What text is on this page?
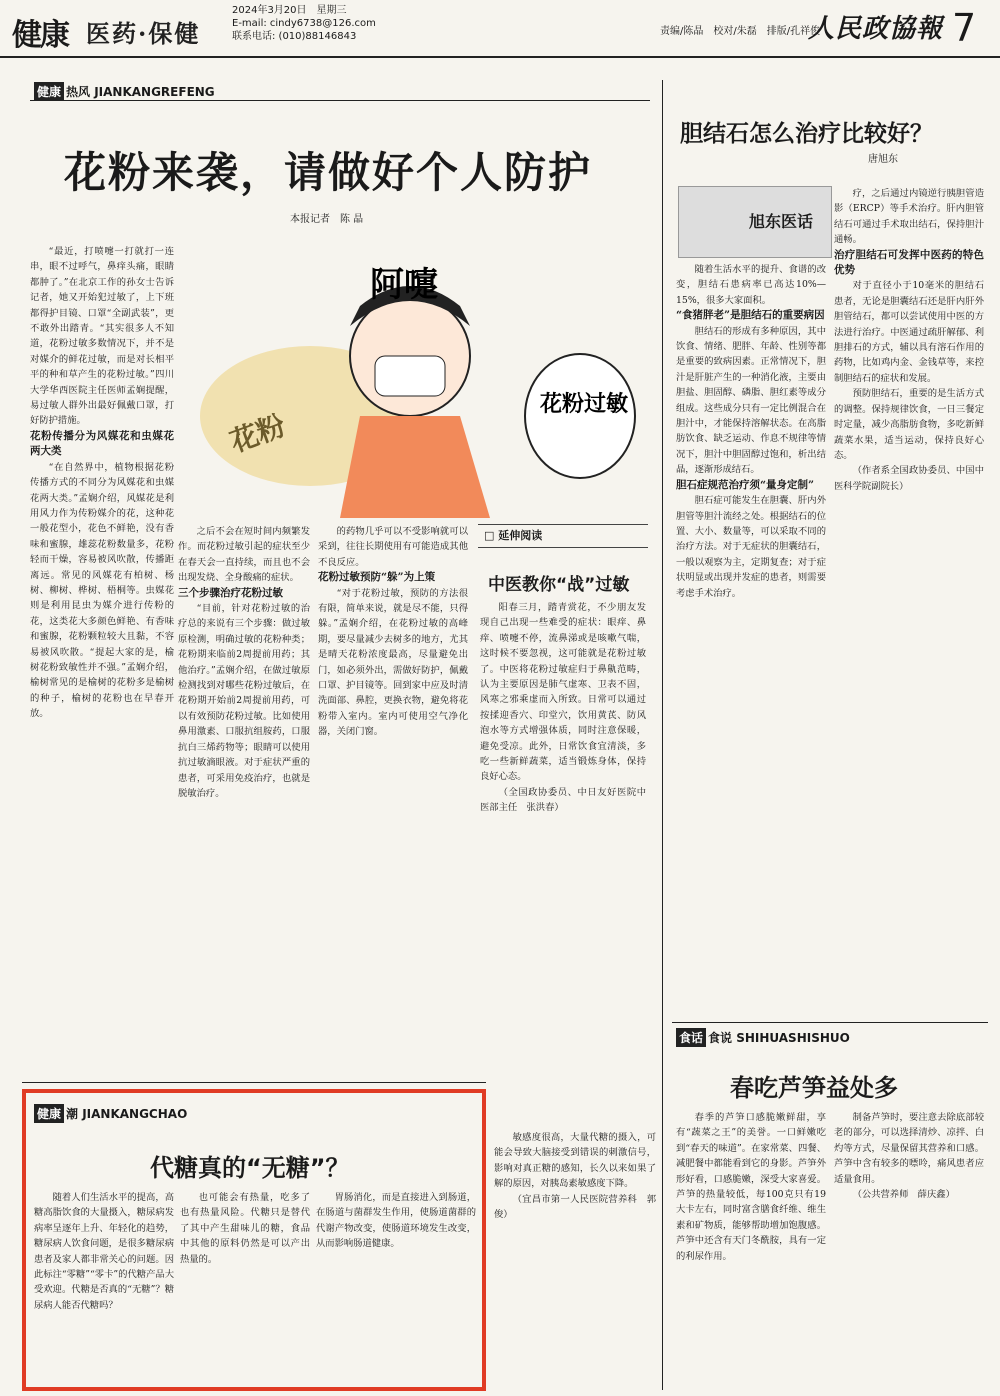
健康 医药·保健
2024年3月20日　星期三
E-mail: cindy6738@126.com
联系电话: (010)88146843	责编/陈晶　校对/朱磊　排版/孔祥俊
人民政協報 7
健康 热风 JIANKANGREFENG
花粉来袭，请做好个人防护
本报记者　陈 晶
阿嚏
花粉过敏
花粉

“最近，打喷嚏一打就打一连串，眼不过呼气，鼻痒头痛，眼睛都肿了。”在北京工作的孙女士告诉记者，她又开始犯过敏了，上下班都得护目镜、口罩“全副武装”，更不敢外出踏青。“其实很多人不知道，花粉过敏多数情况下，并不是对媒介的鲜花过敏，而是对长相平平的种和草产生的花粉过敏。”四川大学华西医院主任医师孟娴提醒，易过敏人群外出最好佩戴口罩，打好防护措施。

花粉传播分为风媒花和虫媒花两大类

“在自然界中，植物根据花粉传播方式的不同分为风媒花和虫媒花两大类。”孟娴介绍，风媒花是利用风力作为传粉媒介的花，这种花一般花型小，花色不鲜艳，没有香味和蜜腺，雄蕊花粉数量多，花粉轻而干燥，容易被风吹散，传播距离远。常见的风媒花有柏树、杨树、柳树、桦树、梧桐等。虫媒花则是利用昆虫为媒介进行传粉的花，这类花大多颜色鲜艳、有香味和蜜腺，花粉颗粒较大且黏，不容易被风吹散。“提起大家的是，榆树花粉致敏性并不强。”孟娴介绍，榆树常见的是榆树的花粉多是榆树的种子，榆树的花粉也在早春开放。

之后不会在短时间内频繁发作。而花粉过敏引起的症状至少在春天会一直持续，而且也不会出现发烧、全身酸痛的症状。

三个步骤治疗花粉过敏

“目前，针对花粉过敏的治疗总的来说有三个步骤：做过敏原检测，明确过敏的花粉种类；花粉期来临前2周提前用药；其他治疗。”孟娴介绍，在做过敏原检测找到对哪些花粉过敏后，在花粉期开始前2周提前用药，可以有效预防花粉过敏。比如使用鼻用激素、口服抗组胺药，口服抗白三烯药物等；眼睛可以使用抗过敏滴眼液。对于症状严重的患者，可采用免疫治疗，也就是脱敏治疗。

的药物几乎可以不受影响就可以采到，往往长期使用有可能造成其他不良反应。

花粉过敏预防“躲”为上策

“对于花粉过敏，预防的方法很有限，简单来说，就是尽不能，只得躲。”孟娴介绍，在花粉过敏的高峰期，要尽量减少去树多的地方，尤其是晴天花粉浓度最高，尽量避免出门，如必须外出，需做好防护，佩戴口罩、护目镜等。回到家中应及时清洗面部、鼻腔，更换衣物，避免将花粉带入室内。室内可使用空气净化器，关闭门窗。

□ 延伸阅读
中医教你“战”过敏

阳春三月，踏青赏花，不少朋友发现自己出现一些难受的症状：眼痒、鼻痒、喷嚏不停，流鼻涕或是咳嗽气喘，这时候不要忽视，这可能就是花粉过敏了。中医将花粉过敏症归于鼻鼽范畴，认为主要原因是肺气虚寒、卫表不固，风寒之邪乘虚而入所致。日常可以通过按揉迎香穴、印堂穴，饮用黄芪、防风泡水等方式增强体质，同时注意保暖，避免受凉。此外，日常饮食宜清淡，多吃一些新鲜蔬菜，适当锻炼身体，保持良好心态。

（全国政协委员、中日友好医院中医部主任　张洪春）

胆结石怎么治疗比较好？
唐旭东
旭东医话

随着生活水平的提升、食谱的改变，胆结石患病率已高达10%—15%，很多大家面积。

“食猪胖老”是胆结石的重要病因

胆结石的形成有多种原因，其中饮食、情绪、肥胖、年龄、性别等都是重要的致病因素。正常情况下，胆汁是肝脏产生的一种消化液，主要由胆盐、胆固醇、磷脂、胆红素等成分组成。这些成分只有一定比例混合在胆汁中，才能保持溶解状态。在高脂肪饮食、缺乏运动、作息不规律等情况下，胆汁中胆固醇过饱和，析出结晶，逐渐形成结石。

胆石症规范治疗须“量身定制”

胆石症可能发生在胆囊、肝内外胆管等胆汁流经之处。根据结石的位置、大小、数量等，可以采取不同的治疗方法。对于无症状的胆囊结石，一般以观察为主，定期复查；对于症状明显或出现并发症的患者，则需要考虑手术治疗。

疗，之后通过内镜逆行胰胆管造影（ERCP）等手术治疗。肝内胆管结石可通过手术取出结石，保持胆汁通畅。

治疗胆结石可发挥中医药的特色优势

对于直径小于10毫米的胆结石患者，无论是胆囊结石还是肝内肝外胆管结石，都可以尝试使用中医的方法进行治疗。中医通过疏肝解郁、利胆排石的方式，辅以具有溶石作用的药物，比如鸡内金、金钱草等，来控制胆结石的症状和发展。

预防胆结石，重要的是生活方式的调整。保持规律饮食，一日三餐定时定量，减少高脂肪食物，多吃新鲜蔬菜水果，适当运动，保持良好心态。

（作者系全国政协委员、中国中医科学院副院长）

食话 食说 SHIHUASHISHUO
春吃芦笋益处多

春季的芦笋口感脆嫩鲜甜，享有“蔬菜之王”的美誉。一口鲜嫩吃到“春天的味道”。在家常菜、四餐、减肥餐中都能看到它的身影。芦笋外形好看，口感脆嫩，深受大家喜爱。芦笋的热量较低，每100克只有19大卡左右，同时富含膳食纤维、维生素和矿物质，能够帮助增加饱腹感。芦笋中还含有天门冬酰胺，具有一定的利尿作用。

制备芦笋时，要注意去除底部较老的部分，可以选择清炒、凉拌、白灼等方式，尽量保留其营养和口感。芦笋中含有较多的嘌呤，痛风患者应适量食用。

（公共营养师　薛庆鑫）

健康 潮 JIANKANGCHAO
代糖真的“无糖”？

随着人们生活水平的提高，高糖高脂饮食的大量摄入，糖尿病发病率呈逐年上升、年轻化的趋势，糖尿病人饮食问题，是很多糖尿病患者及家人都非常关心的问题。因此标注“零糖”“零卡”的代糖产品大受欢迎。代糖是否真的“无糖”？糖尿病人能否代糖吗？

也可能会有热量，吃多了也有热量风险。代糖只是替代了其中产生甜味儿的糖，食品中其他的原料仍然是可以产出热量的。

胃肠消化，而是直接进入到肠道，在肠道与菌群发生作用，使肠道菌群的代谢产物改变，使肠道环境发生改变，从而影响肠道健康。

敏感度很高，大量代糖的摄入，可能会导致大脑接受到错误的刺激信号，影响对真正糖的感知，长久以来如果了解的原因，对胰岛素敏感度下降。

（宜昌市第一人民医院营养科　郭俊）
